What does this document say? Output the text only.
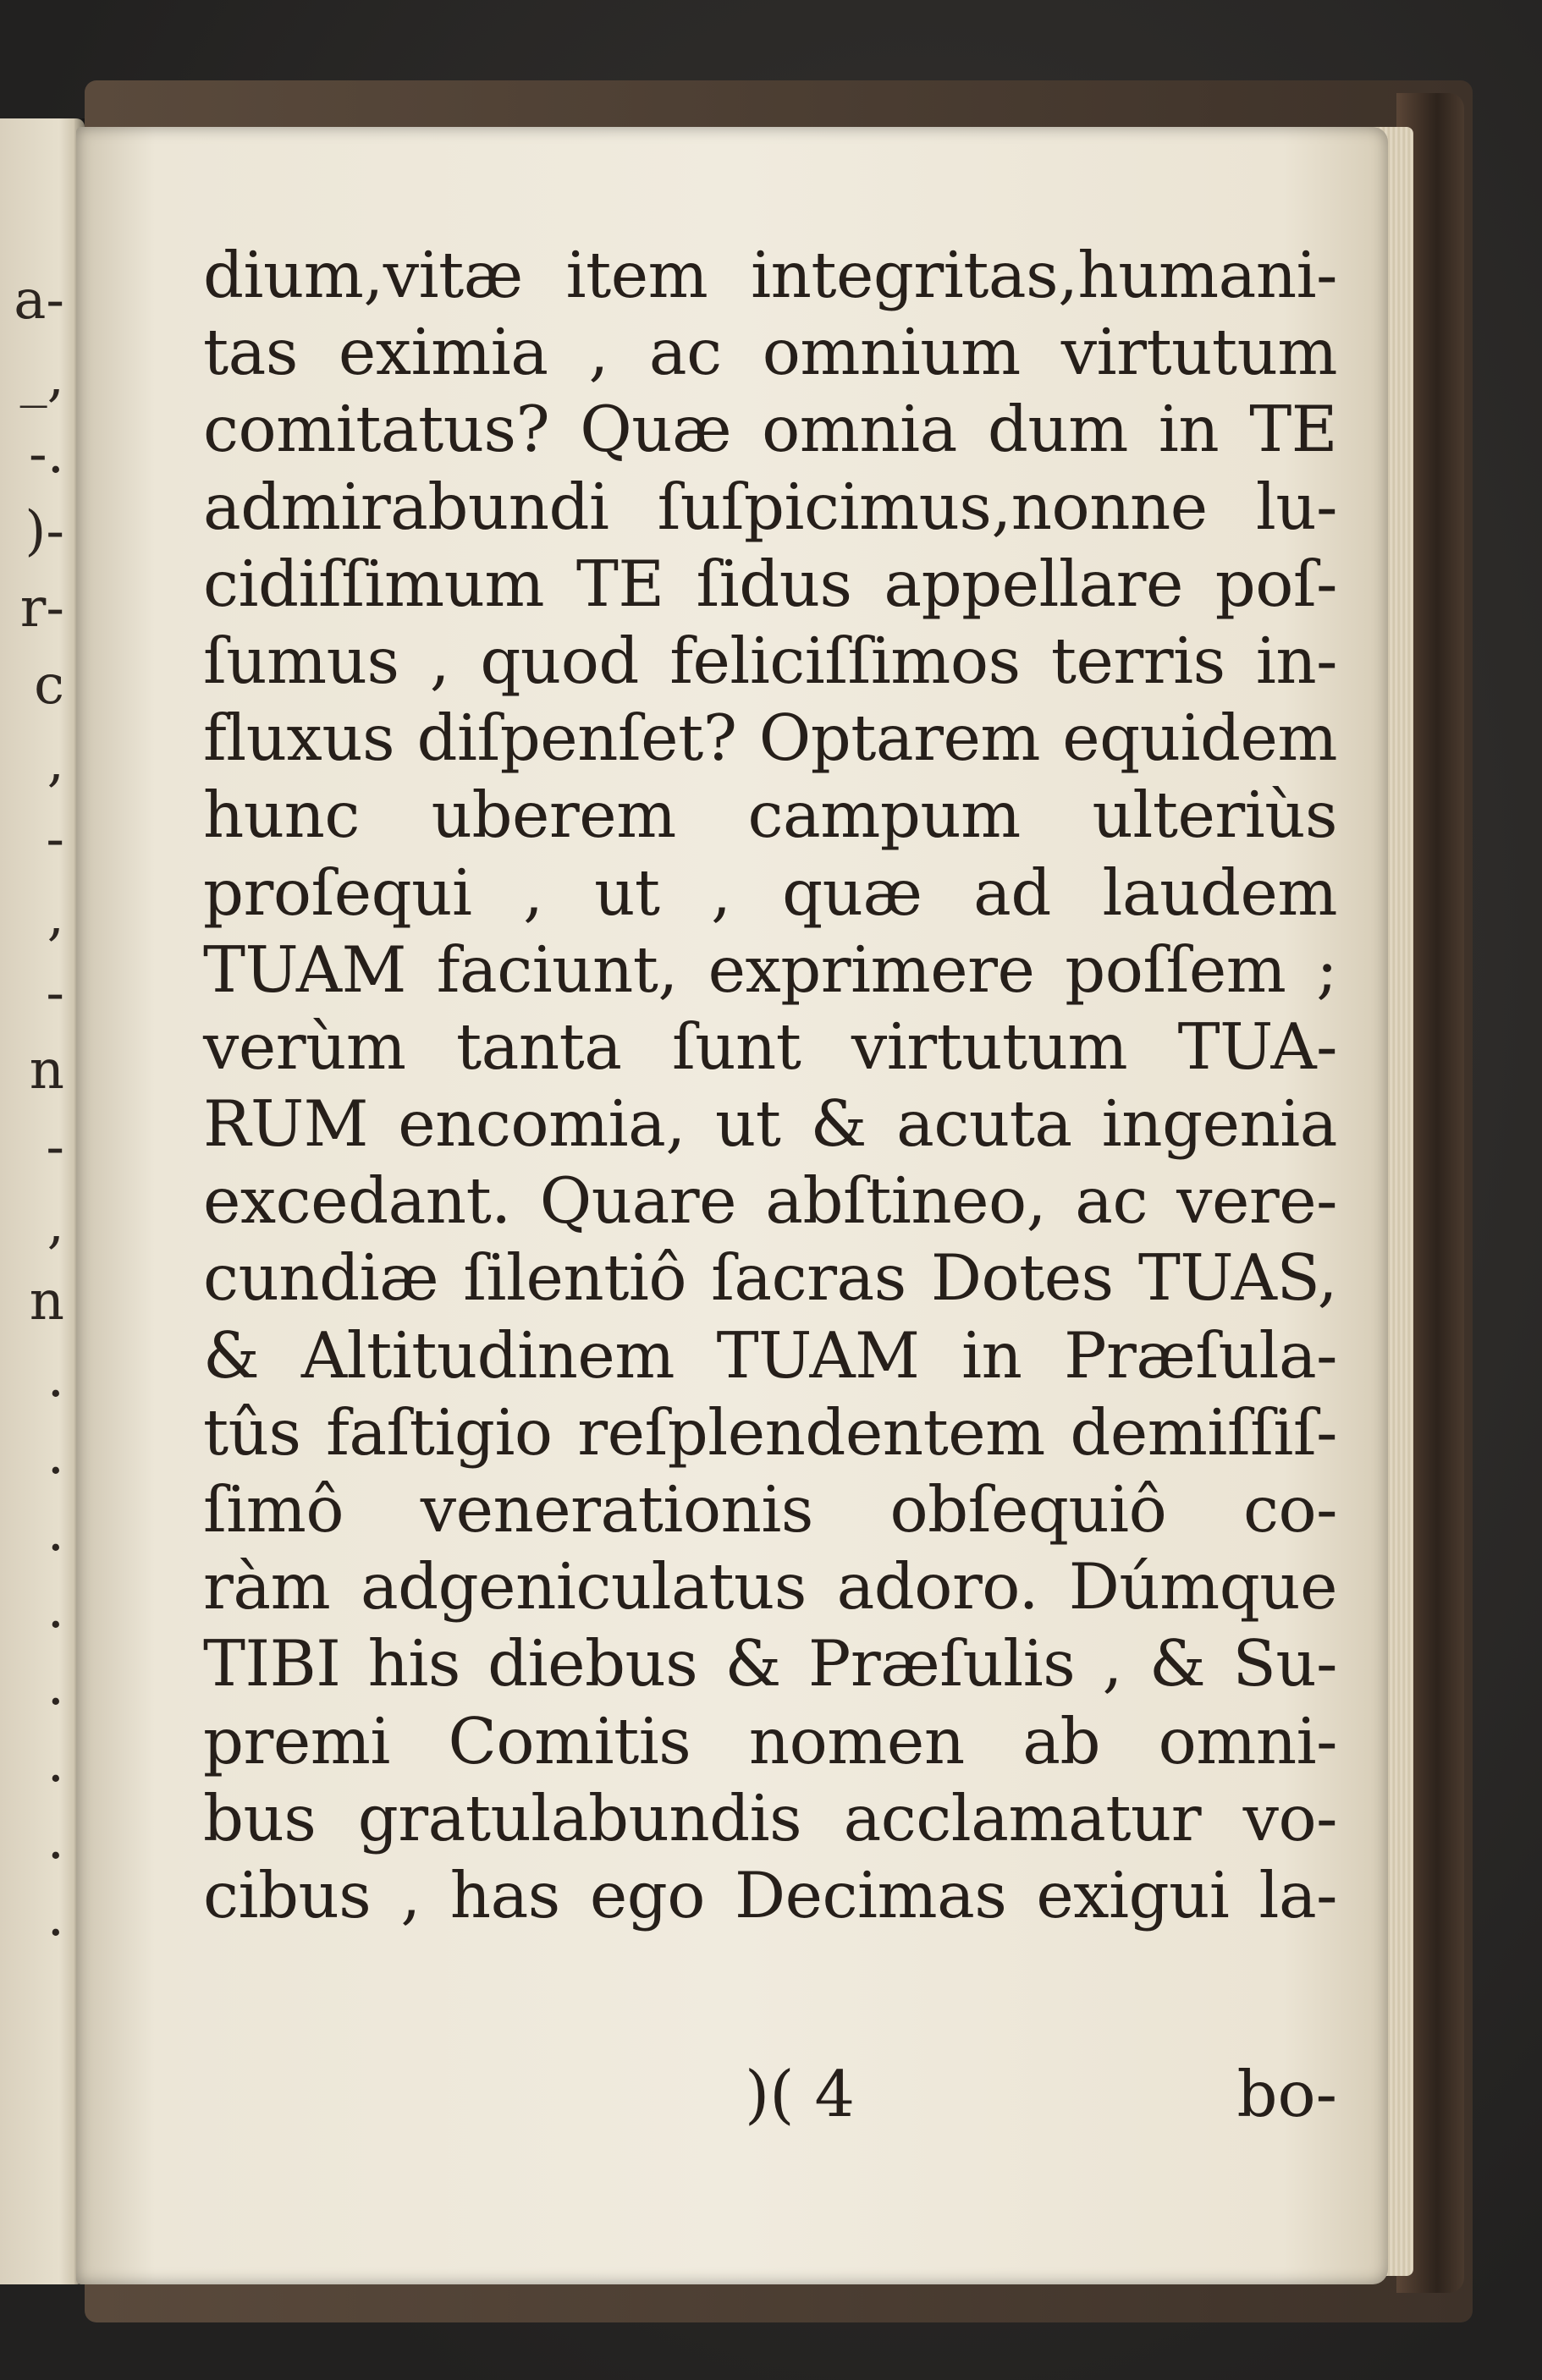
a-
_,
-.
)-
r-
c
,
-
,
-
n
-
,
n
.
.
.
.
.
.
.
.
dium,vitæ item integritas,humani-
tas eximia , ac omnium virtutum
comitatus? Quæ omnia dum in TE
admirabundi ſuſpicimus,nonne lu-
cidiſſimum TE ſidus appellare poſ-
ſumus , quod feliciſſimos terris in-
fluxus diſpenſet? Optarem equidem
hunc uberem campum ulteriùs
proſequi , ut , quæ ad laudem
TUAM faciunt, exprimere poſſem ;
verùm tanta ſunt virtutum TUA-
RUM encomia, ut & acuta ingenia
excedant. Quare abſtineo, ac vere-
cundiæ ſilentiô ſacras Dotes TUAS,
& Altitudinem TUAM in Præſula-
tûs faſtigio reſplendentem demiſſiſ-
ſimô venerationis obſequiô co-
ràm adgeniculatus adoro. Dúmque
TIBI his diebus & Præſulis , & Su-
premi Comitis nomen ab omni-
bus gratulabundis acclamatur vo-
cibus , has ego Decimas exigui la-
)( 4	bo-
